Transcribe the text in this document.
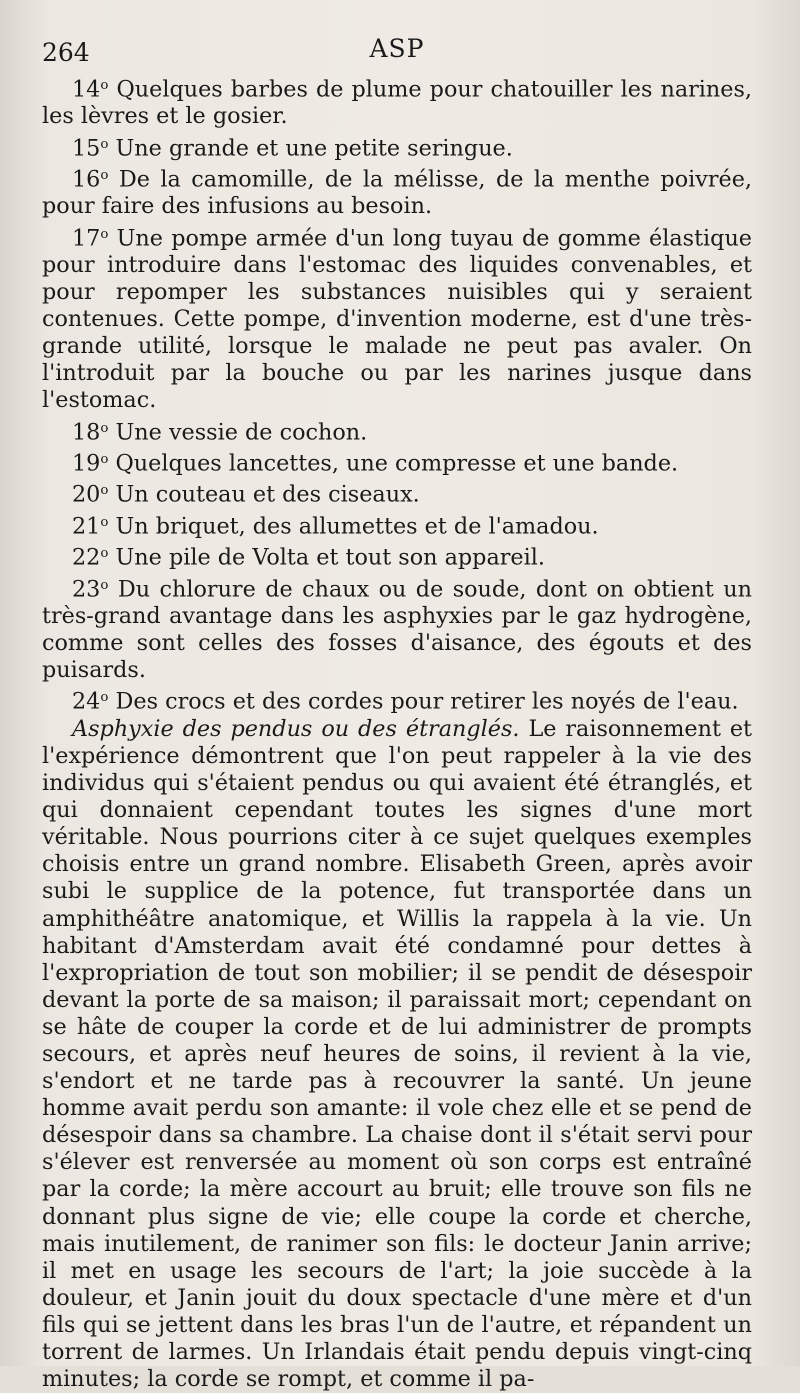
264	ASP

14$^o$ Quelques barbes de plume pour chatouiller les narines, les lèvres et le gosier.

15$^o$ Une grande et une petite seringue.

16$^o$ De la camomille, de la mélisse, de la menthe poivrée, pour faire des infusions au besoin.

17$^o$ Une pompe armée d'un long tuyau de gomme élastique pour introduire dans l'estomac des liquides convenables, et pour repomper les substances nuisibles qui y seraient contenues. Cette pompe, d'invention moderne, est d'une très-grande utilité, lorsque le malade ne peut pas avaler. On l'introduit par la bouche ou par les narines jusque dans l'estomac.

18$^o$ Une vessie de cochon.

19$^o$ Quelques lancettes, une compresse et une bande.

20$^o$ Un couteau et des ciseaux.

21$^o$ Un briquet, des allumettes et de l'amadou.

22$^o$ Une pile de Volta et tout son appareil.

23$^o$ Du chlorure de chaux ou de soude, dont on obtient un très-grand avantage dans les asphyxies par le gaz hydrogène, comme sont celles des fosses d'aisance, des égouts et des puisards.

24$^o$ Des crocs et des cordes pour retirer les noyés de l'eau.

Asphyxie des pendus ou des étranglés. Le raisonnement et l'expérience démontrent que l'on peut rappeler à la vie des individus qui s'étaient pendus ou qui avaient été étranglés, et qui donnaient cependant toutes les signes d'une mort véritable. Nous pourrions citer à ce sujet quelques exemples choisis entre un grand nombre. Elisabeth Green, après avoir subi le supplice de la potence, fut transportée dans un amphithéâtre anatomique, et Willis la rappela à la vie. Un habitant d'Amsterdam avait été condamné pour dettes à l'expropriation de tout son mobilier; il se pendit de désespoir devant la porte de sa maison; il paraissait mort; cependant on se hâte de couper la corde et de lui administrer de prompts secours, et après neuf heures de soins, il revient à la vie, s'endort et ne tarde pas à recouvrer la santé. Un jeune homme avait perdu son amante: il vole chez elle et se pend de désespoir dans sa chambre. La chaise dont il s'était servi pour s'élever est renversée au moment où son corps est entraîné par la corde; la mère accourt au bruit; elle trouve son fils ne donnant plus signe de vie; elle coupe la corde et cherche, mais inutilement, de ranimer son fils: le docteur Janin arrive; il met en usage les secours de l'art; la joie succède à la douleur, et Janin jouit du doux spectacle d'une mère et d'un fils qui se jettent dans les bras l'un de l'autre, et répandent un torrent de larmes. Un Irlandais était pendu depuis vingt-cinq minutes; la corde se rompt, et comme il pa-
